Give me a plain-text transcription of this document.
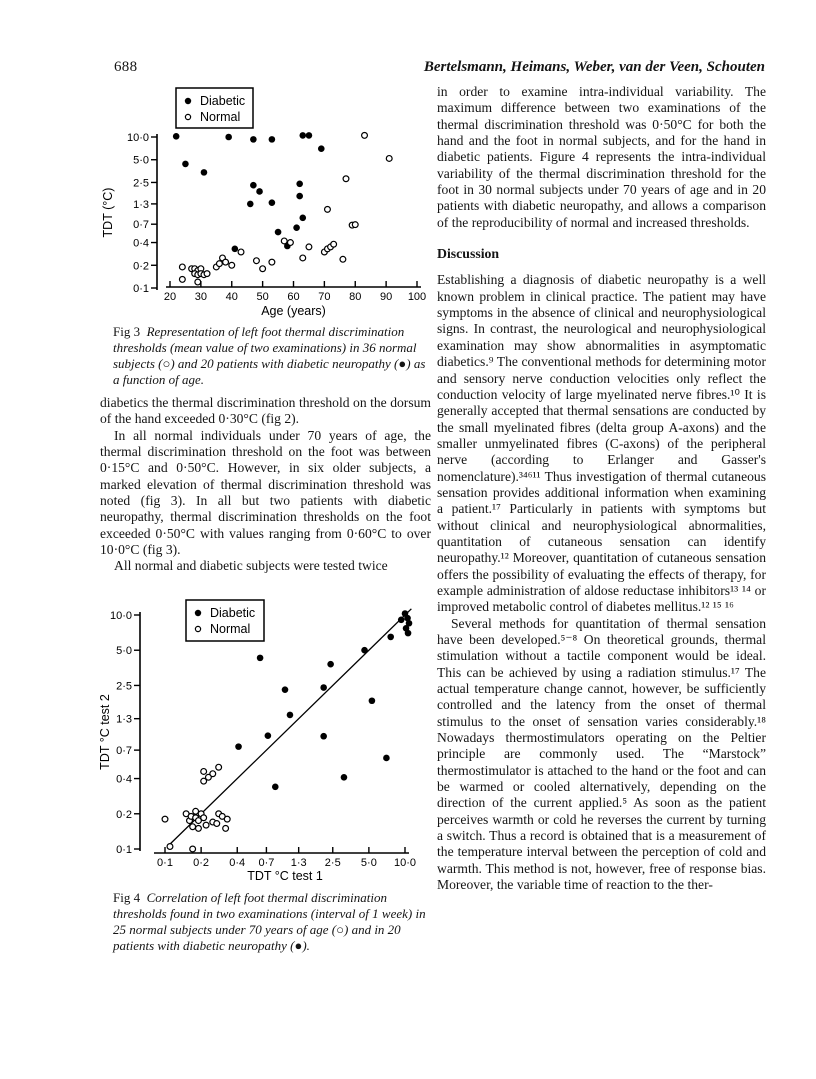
688	Bertelsmann, Heimans, Weber, van der Veen, Schouten
0·1
0·2
0·4
0·7
1·3
2·5
5·0
10·0
20 30 40 50 60 70 80 90 100
Age (years)
TDT (°C)
Diabetic
Normal
Fig 3 Representation of left foot thermal discrimination thresholds (mean value of two examinations) in 36 normal subjects (○) and 20 patients with diabetic neuropathy (●) as a function of age.

diabetics the thermal discrimination threshold on the dorsum of the hand exceeded 0·30°C (fig 2).

In all normal individuals under 70 years of age, the thermal discrimination threshold on the foot was between 0·15°C and 0·50°C. However, in six older subjects, a marked elevation of thermal discrimination threshold was noted (fig 3). In all but two patients with diabetic neuropathy, thermal discrimination thresholds on the foot exceeded 0·50°C with values ranging from 0·60°C to over 10·0°C (fig 3).

All normal and diabetic subjects were tested twice

0·1
0·2
0·4
0·7
1·3
2·5
5·0
10·0
0·1 0·2 0·4 0·7 1·3 2·5 5·0 10·0
TDT °C test 1
TDT °C test 2
Diabetic
Normal
Fig 4 Correlation of left foot thermal discrimination thresholds found in two examinations (interval of 1 week) in 25 normal subjects under 70 years of age (○) and in 20 patients with diabetic neuropathy (●).

in order to examine intra-individual variability. The maximum difference between two examinations of the thermal discrimination threshold was 0·50°C for both the hand and the foot in normal subjects, and for the hand in diabetic patients. Figure 4 represents the intra-individual variability of the thermal discrimination threshold for the foot in 30 normal subjects under 70 years of age and in 20 patients with diabetic neuropathy, and allows a comparison of the reproducibility of normal and increased thresholds.

Discussion

Establishing a diagnosis of diabetic neuropathy is a well known problem in clinical practice. The patient may have symptoms in the absence of clinical and neurophysiological signs. In contrast, the neurological and neurophysiological examination may show abnormalities in asymptomatic diabetics.⁹ The conventional methods for determining motor and sensory nerve conduction velocities only reflect the conduction velocity of large myelinated nerve fibres.¹⁰ It is generally accepted that thermal sensations are conducted by the small myelinated fibres (delta group A-axons) and the smaller unmyelinated fibres (C-axons) of the peripheral nerve (according to Erlanger and Gasser's nomenclature).³⁴⁶¹¹ Thus investigation of thermal cutaneous sensation provides additional information when examining a patient.¹⁷ Particularly in patients with symptoms but without clinical and neurophysiological abnormalities, quantitation of cutaneous sensation can identify neuropathy.¹² Moreover, quantitation of cutaneous sensation offers the possibility of evaluating the effects of therapy, for example administration of aldose reductase inhibitors¹³ ¹⁴ or improved metabolic control of diabetes mellitus.¹² ¹⁵ ¹⁶

Several methods for quantitation of thermal sensation have been developed.⁵⁻⁸ On theoretical grounds, thermal stimulation without a tactile component would be ideal. This can be achieved by using a radiation stimulus.¹⁷ The actual temperature change cannot, however, be sufficiently controlled and the latency from the onset of thermal stimulus to the onset of sensation varies considerably.¹⁸ Nowadays thermostimulators operating on the Peltier principle are commonly used. The “Marstock” thermostimulator is attached to the hand or the foot and can be warmed or cooled alternatively, depending on the direction of the current applied.⁵ As soon as the patient perceives warmth or cold he reverses the current by turning a switch. Thus a record is obtained that is a measurement of the temperature interval between the perception of cold and warmth. This method is not, however, free of response bias. Moreover, the variable time of reaction to the ther-
